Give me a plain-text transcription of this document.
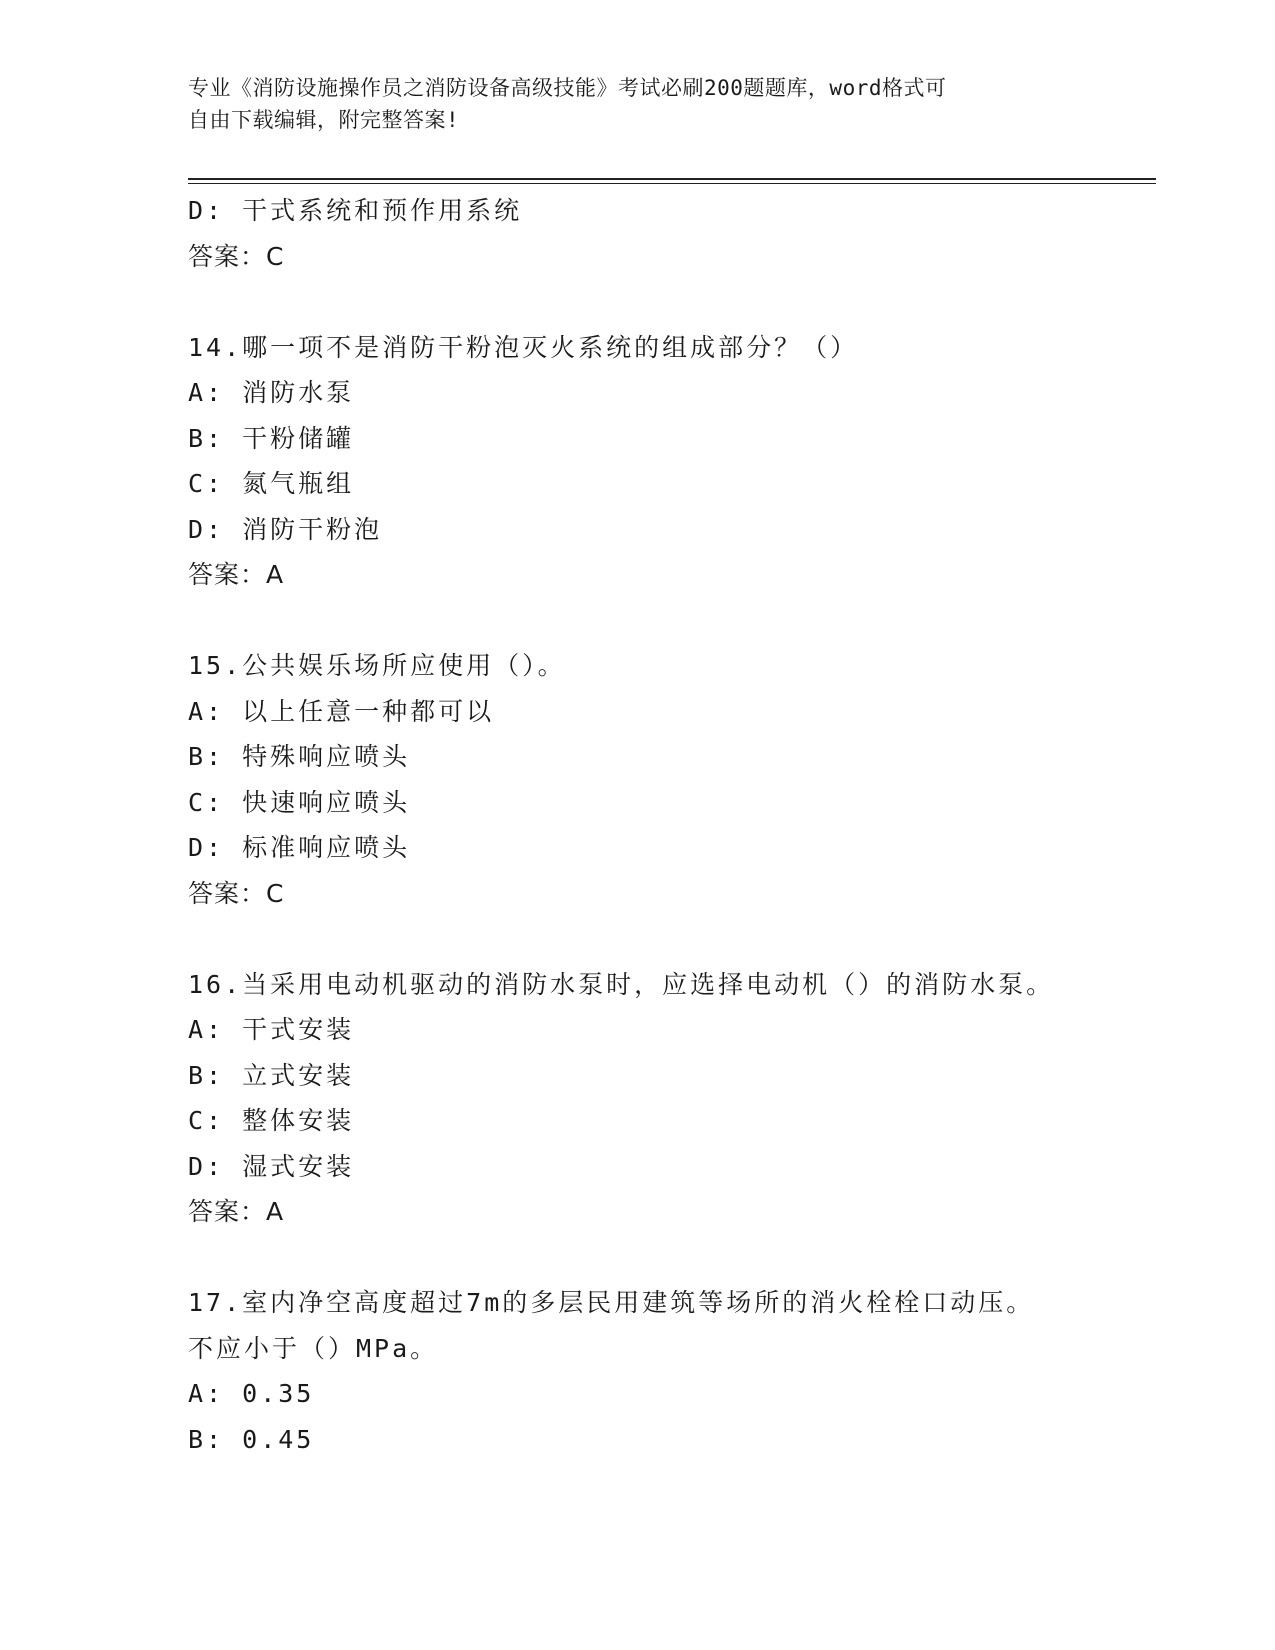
专业《消防设施操作员之消防设备高级技能》考试必刷200题题库，word格式可
自由下载编辑，附完整答案!
D: 干式系统和预作用系统
答案：C
14.哪一项不是消防干粉泡灭火系统的组成部分？（）
A: 消防水泵
B: 干粉储罐
C: 氮气瓶组
D: 消防干粉泡
答案：A
15.公共娱乐场所应使用（）。
A: 以上任意一种都可以
B: 特殊响应喷头
C: 快速响应喷头
D: 标准响应喷头
答案：C
16.当采用电动机驱动的消防水泵时，应选择电动机（）的消防水泵。
A: 干式安装
B: 立式安装
C: 整体安装
D: 湿式安装
答案：A
17.室内净空高度超过7m的多层民用建筑等场所的消火栓栓口动压。
不应小于（）MPa。
A: 0.35
B: 0.45
